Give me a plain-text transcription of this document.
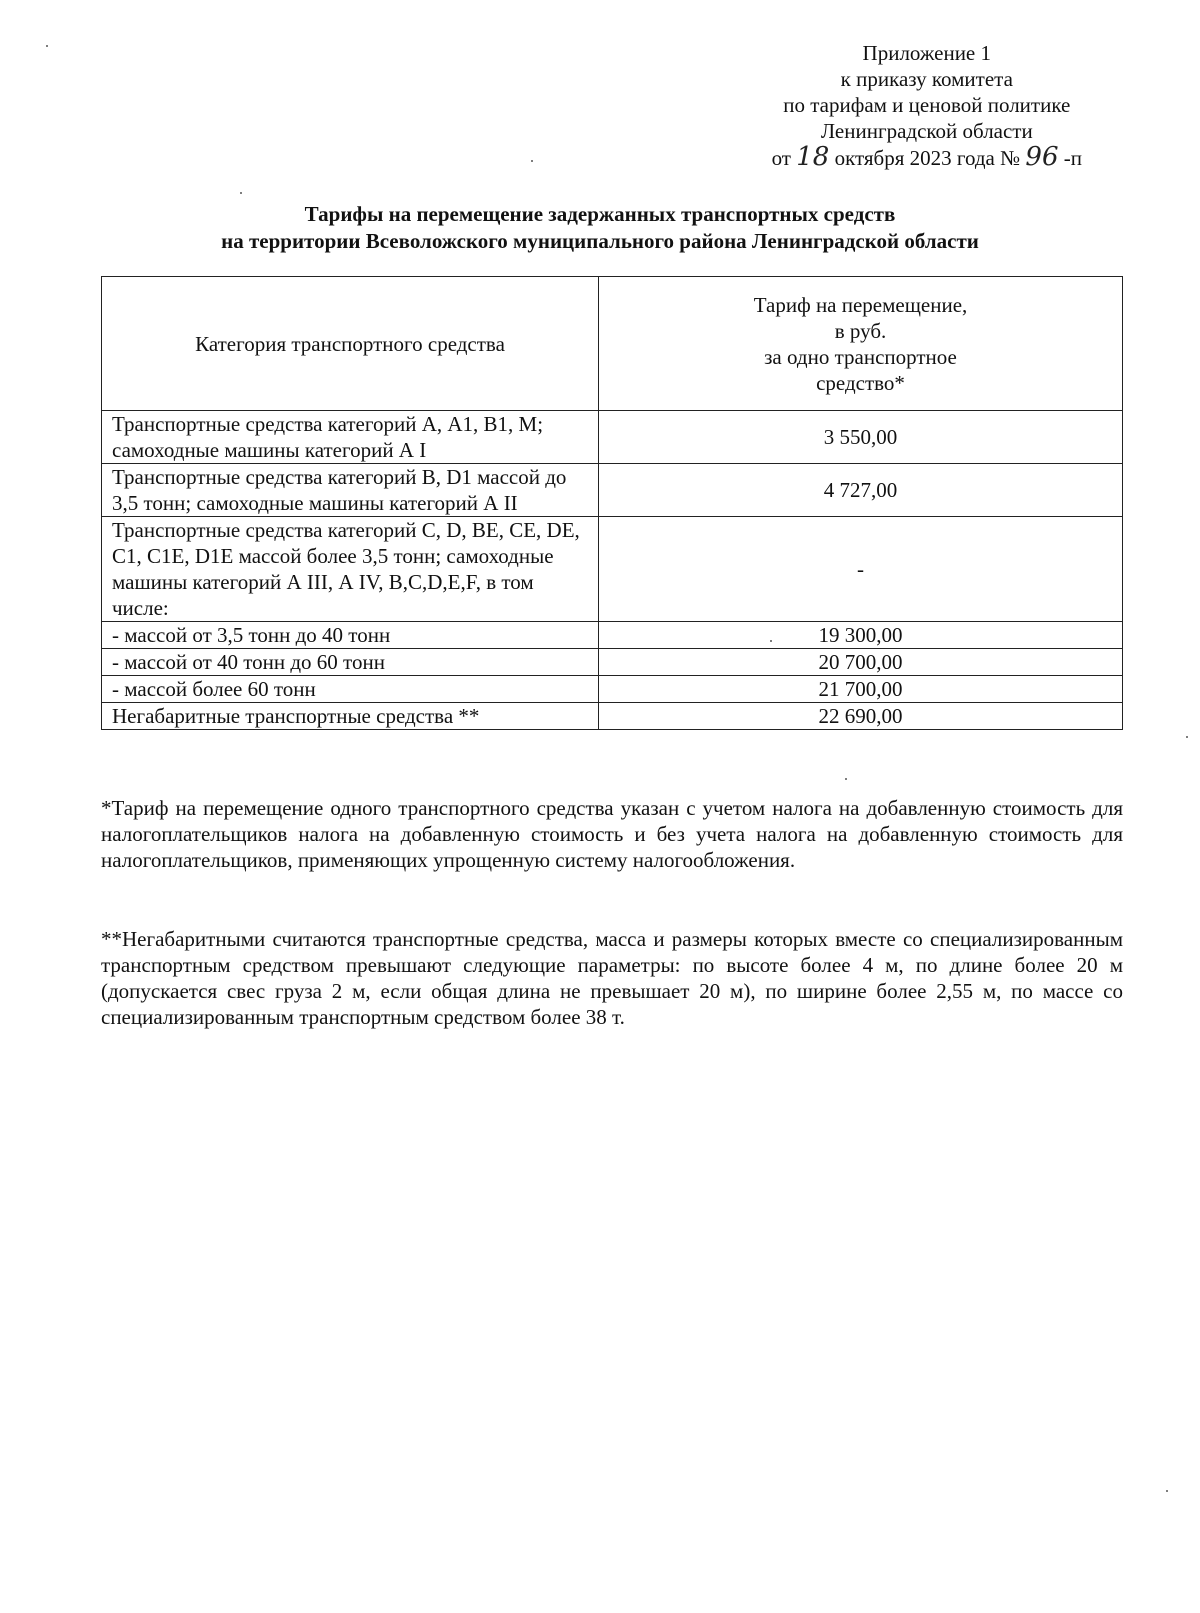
Приложение 1
к приказу комитета
по тарифам и ценовой политике
Ленинградской области
от 18 октября 2023 года № 96 -п
Тарифы на перемещение задержанных транспортных средств
на территории Всеволожского муниципального района Ленинградской области
Категория транспортного средства	Тариф на перемещение,
в руб.
за одно транспортное
средство*

Транспортные средства категорий А, А1, В1, М; самоходные машины категорий А I	3 550,00
Транспортные средства категорий В, D1 массой до 3,5 тонн; самоходные машины категорий А II	4 727,00
Транспортные средства категорий С, D, ВЕ, СЕ, DЕ, С1, С1Е, D1Е массой более 3,5 тонн; самоходные машины категорий А III, А IV, В,С,D,Е,F, в том числе:	-
- массой от 3,5 тонн до 40 тонн	19 300,00
- массой от 40 тонн до 60 тонн	20 700,00
- массой более 60 тонн	21 700,00
Негабаритные транспортные средства **	22 690,00

*Тариф на перемещение одного транспортного средства указан с учетом налога на добавленную стоимость для налогоплательщиков налога на добавленную стоимость и без учета налога на добавленную стоимость для налогоплательщиков, применяющих упрощенную систему налогообложения.

**Негабаритными считаются транспортные средства, масса и размеры которых вместе со специализированным транспортным средством превышают следующие параметры: по высоте более 4 м, по длине более 20 м (допускается свес груза 2 м, если общая длина не превышает 20 м), по ширине более 2,55 м, по массе со специализированным транспортным средством более 38 т.
